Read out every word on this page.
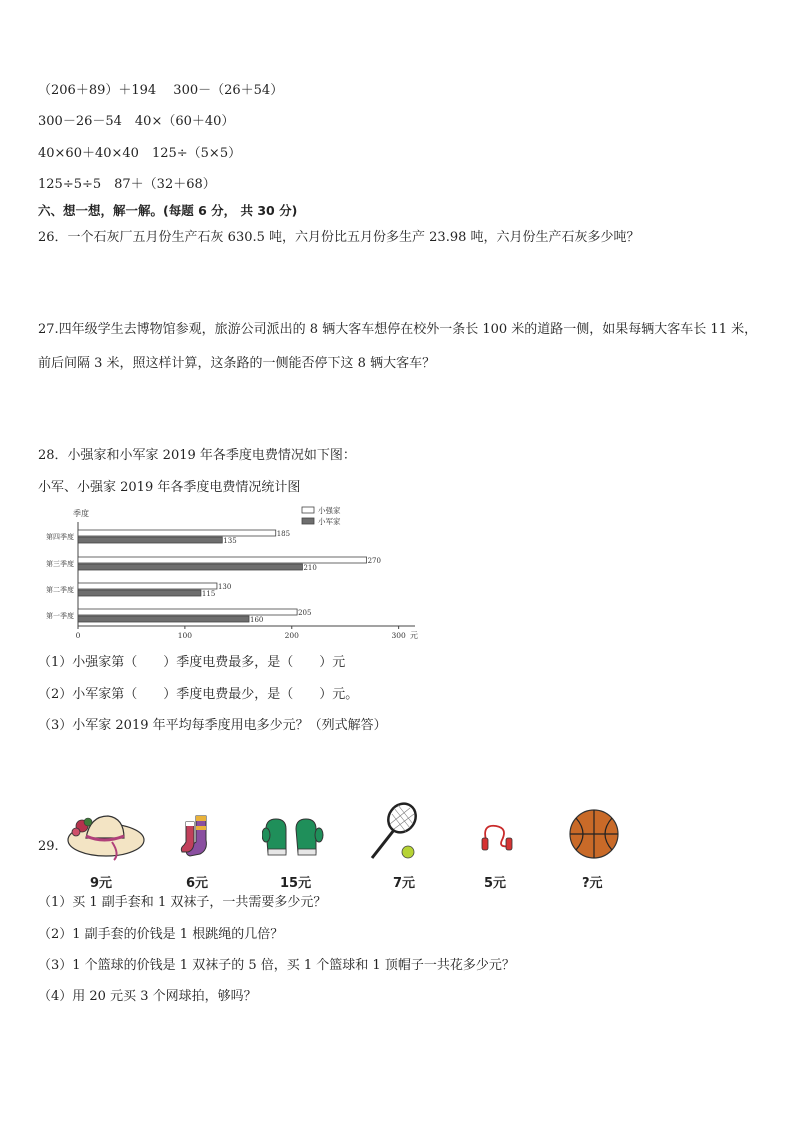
（206＋89）＋194　 300－（26＋54）
300－26－54　40×（60＋40）
40×60＋40×40　125÷（5×5）
125÷5÷5　87＋（32＋68）
六、想一想，解一解。(每题 6 分， 共 30 分)
26．一个石灰厂五月份生产石灰 630.5 吨，六月份比五月份多生产 23.98 吨，六月份生产石灰多少吨？
27.四年级学生去博物馆参观，旅游公司派出的 8 辆大客车想停在校外一条长 100 米的道路一侧，如果每辆大客车长 11 米，前后间隔 3 米，照这样计算，这条路的一侧能否停下这 8 辆大客车？
28．小强家和小军家 2019 年各季度电费情况如下图：
小军、小强家 2019 年各季度电费情况统计图
季度
元
小强家
小军家
185
135
270
210
130
115
205
160
第四季度
第三季度
第二季度
第一季度
0	100	200	300
（1）小强家第（　　）季度电费最多，是（　　）元
（2）小军家第（　　）季度电费最少，是（　　）元。
（3）小军家 2019 年平均每季度用电多少元？（列式解答）
29.
9元	6元	15元	7元	5元	?元
（1）买 1 副手套和 1 双袜子，一共需要多少元？
（2）1 副手套的价钱是 1 根跳绳的几倍？
（3）1 个篮球的价钱是 1 双袜子的 5 倍，买 1 个篮球和 1 顶帽子一共花多少元？
（4）用 20 元买 3 个网球拍，够吗？
